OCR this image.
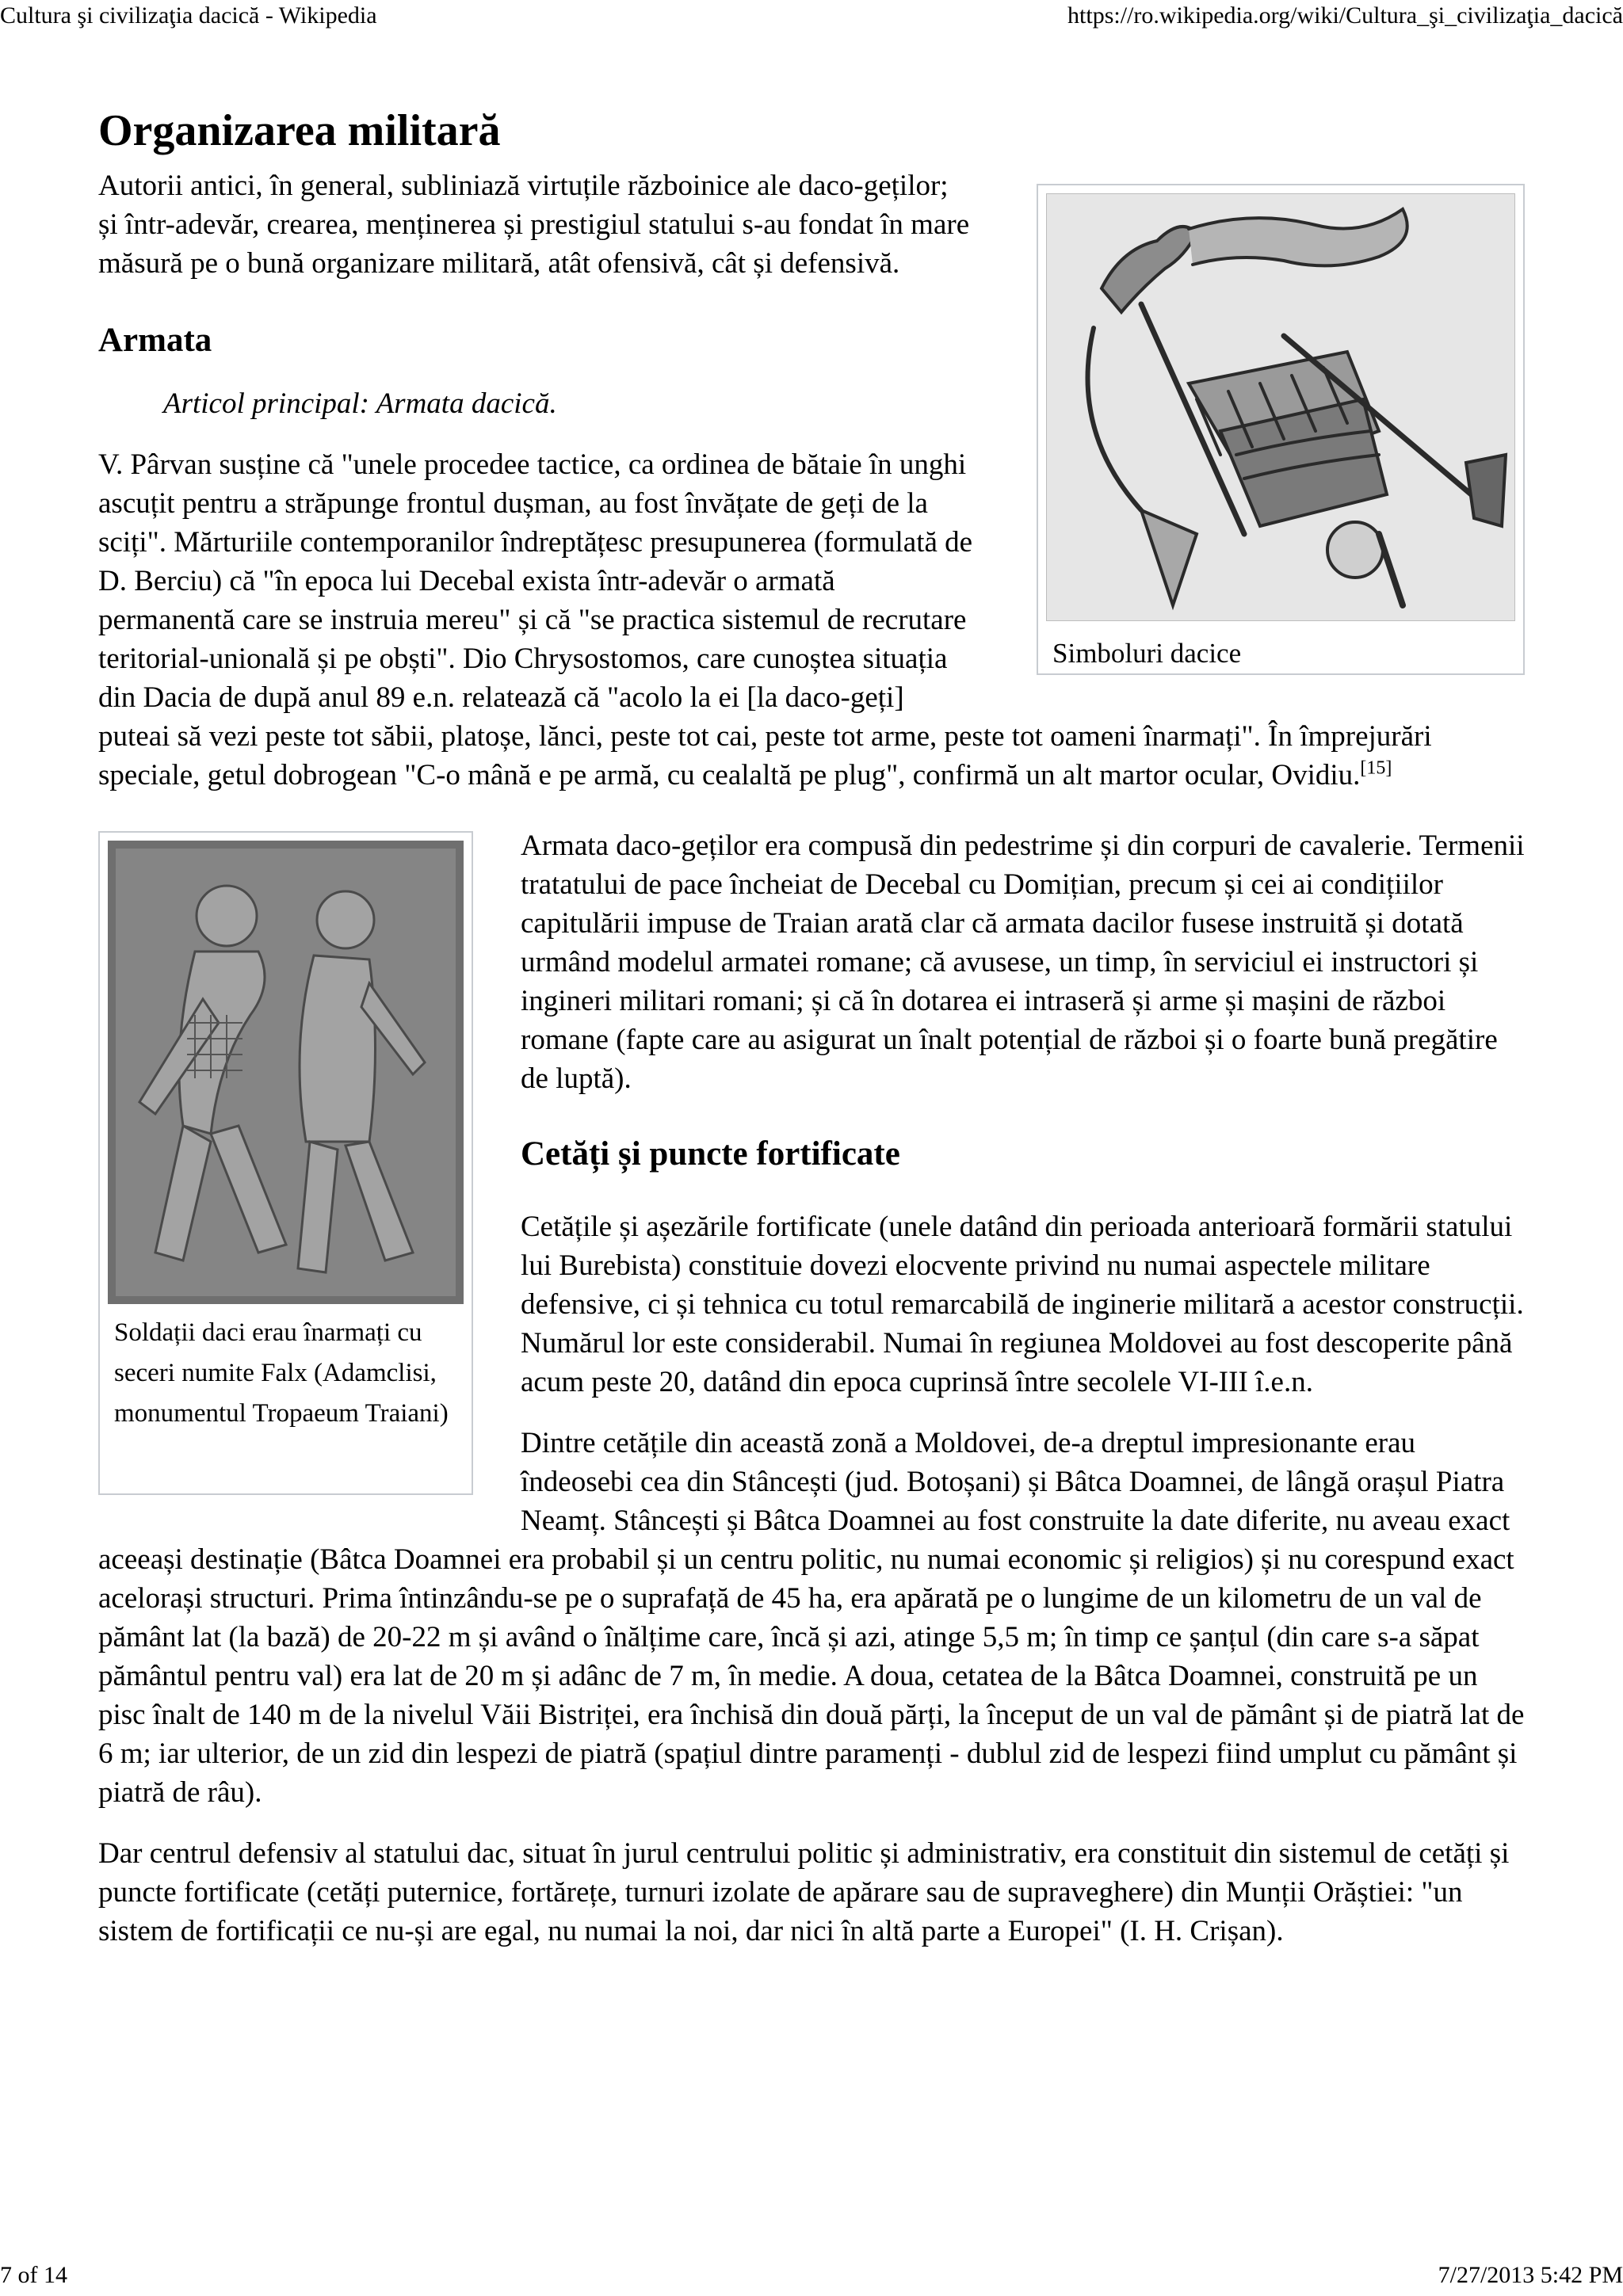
Cultura şi civilizaţia dacică - Wikipedia	https://ro.wikipedia.org/wiki/Cultura_şi_civilizaţia_dacică
Organizarea militară
Simboluri dacice

Autorii antici, în general, subliniază virtuțile războinice ale daco-geților; și într-adevăr, crearea, menținerea și prestigiul statului s-au fondat în mare măsură pe o bună organizare militară, atât ofensivă, cât și defensivă.

Armata

Articol principal: Armata dacică.

V. Pârvan susține că "unele procedee tactice, ca ordinea de bătaie în unghi ascuțit pentru a străpunge frontul dușman, au fost învățate de geți de la sciți". Mărturiile contemporanilor îndreptățesc presupunerea (formulată de D. Berciu) că "în epoca lui Decebal exista într-adevăr o armată permanentă care se instruia mereu" și că "se practica sistemul de recrutare teritorial-unională și pe obști". Dio Chrysostomos, care cunoștea situația din Dacia de după anul 89 e.n. relatează că "acolo la ei [la daco-geți] puteai să vezi peste tot săbii, platoșe, lănci, peste tot cai, peste tot arme, peste tot oameni înarmați". În împrejurări speciale, getul dobrogean "C-o mână e pe armă, cu cealaltă pe plug", confirmă un alt martor ocular, Ovidiu.[15]

Soldații daci erau înarmați cu seceri numite Falx (Adamclisi, monumentul Tropaeum Traiani)

Armata daco-geților era compusă din pedestrime și din corpuri de cavalerie. Termenii tratatului de pace încheiat de Decebal cu Domițian, precum și cei ai condițiilor capitulării impuse de Traian arată clar că armata dacilor fusese instruită și dotată urmând modelul armatei romane; că avusese, un timp, în serviciul ei instructori și ingineri militari romani; și că în dotarea ei intraseră și arme și mașini de război romane (fapte care au asigurat un înalt potențial de război și o foarte bună pregătire de luptă).

Cetăți și puncte fortificate

Cetățile și așezările fortificate (unele datând din perioada anterioară formării statului lui Burebista) constituie dovezi elocvente privind nu numai aspectele militare defensive, ci și tehnica cu totul remarcabilă de inginerie militară a acestor construcții. Numărul lor este considerabil. Numai în regiunea Moldovei au fost descoperite până acum peste 20, datând din epoca cuprinsă între secolele VI-III î.e.n.

Dintre cetățile din această zonă a Moldovei, de-a dreptul impresionante erau îndeosebi cea din Stâncești (jud. Botoșani) și Bâtca Doamnei, de lângă orașul Piatra Neamț. Stâncești și Bâtca Doamnei au fost construite la date diferite, nu aveau exact aceeași destinație (Bâtca Doamnei era probabil și un centru politic, nu numai economic și religios) și nu corespund exact acelorași structuri. Prima întinzându-se pe o suprafață de 45 ha, era apărată pe o lungime de un kilometru de un val de pământ lat (la bază) de 20-22 m și având o înălțime care, încă și azi, atinge 5,5 m; în timp ce șanțul (din care s-a săpat pământul pentru val) era lat de 20 m și adânc de 7 m, în medie. A doua, cetatea de la Bâtca Doamnei, construită pe un pisc înalt de 140 m de la nivelul Văii Bistriței, era închisă din două părți, la început de un val de pământ și de piatră lat de 6 m; iar ulterior, de un zid din lespezi de piatră (spațiul dintre paramenți - dublul zid de lespezi fiind umplut cu pământ și piatră de râu).

Dar centrul defensiv al statului dac, situat în jurul centrului politic și administrativ, era constituit din sistemul de cetăți și puncte fortificate (cetăți puternice, fortărețe, turnuri izolate de apărare sau de supraveghere) din Munții Orăștiei: "un sistem de fortificații ce nu-și are egal, nu numai la noi, dar nici în altă parte a Europei" (I. H. Crișan).

7 of 14	7/27/2013 5:42 PM
